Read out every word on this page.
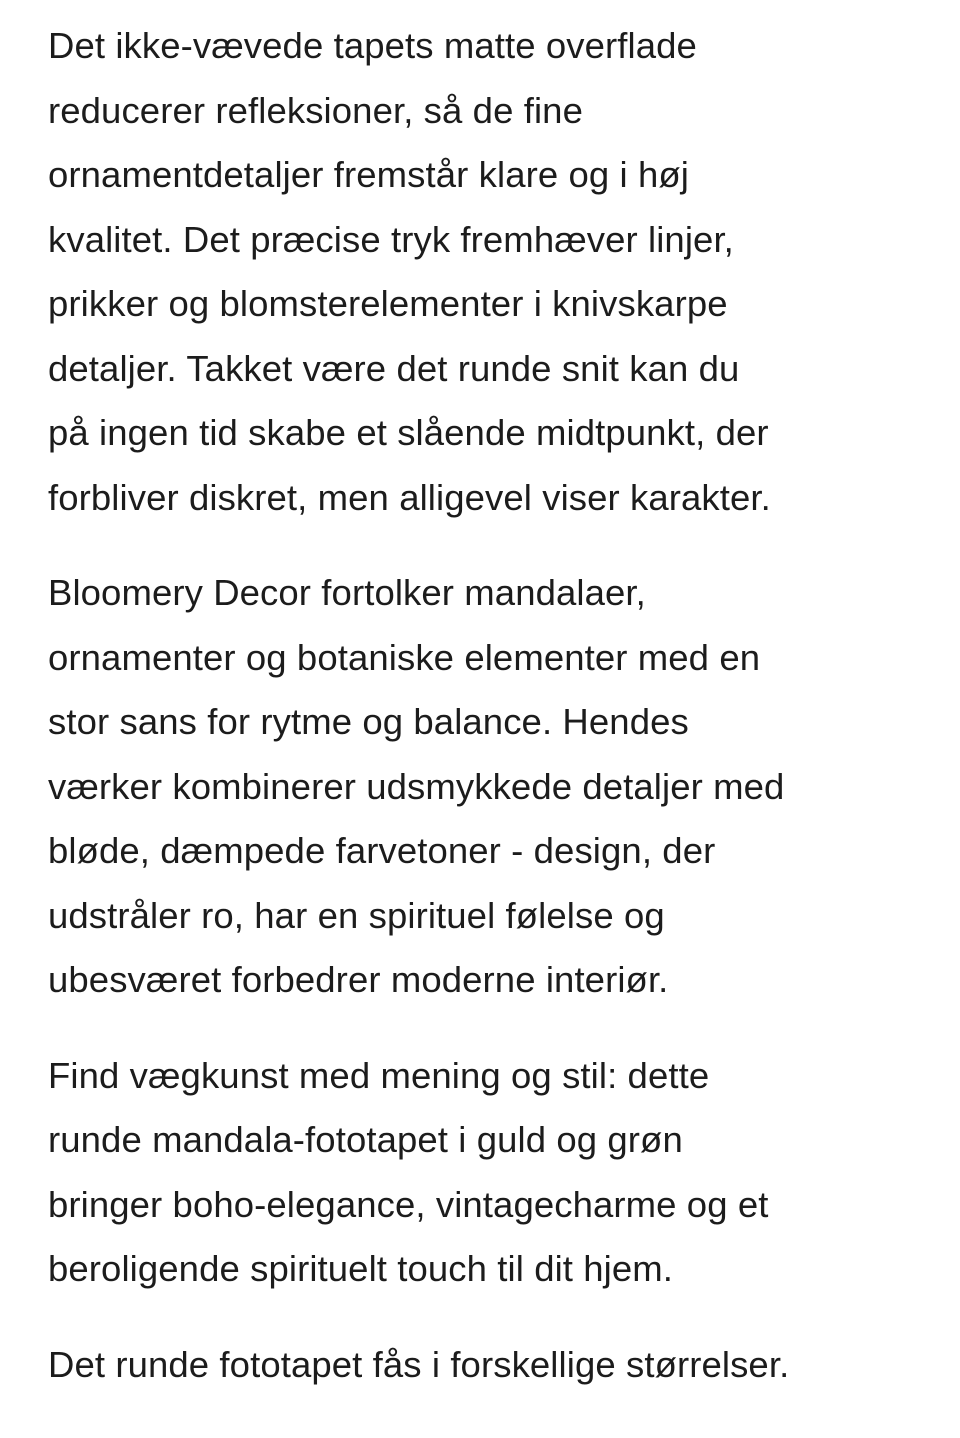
Det ikke-vævede tapets matte overflade
reducerer refleksioner, så de fine
ornamentdetaljer fremstår klare og i høj
kvalitet. Det præcise tryk fremhæver linjer,
prikker og blomsterelementer i knivskarpe
detaljer. Takket være det runde snit kan du
på ingen tid skabe et slående midtpunkt, der
forbliver diskret, men alligevel viser karakter.

Bloomery Decor fortolker mandalaer,
ornamenter og botaniske elementer med en
stor sans for rytme og balance. Hendes
værker kombinerer udsmykkede detaljer med
bløde, dæmpede farvetoner - design, der
udstråler ro, har en spirituel følelse og
ubesværet forbedrer moderne interiør.

Find vægkunst med mening og stil: dette
runde mandala-fototapet i guld og grøn
bringer boho-elegance, vintagecharme og et
beroligende spirituelt touch til dit hjem.

Det runde fototapet fås i forskellige størrelser.
